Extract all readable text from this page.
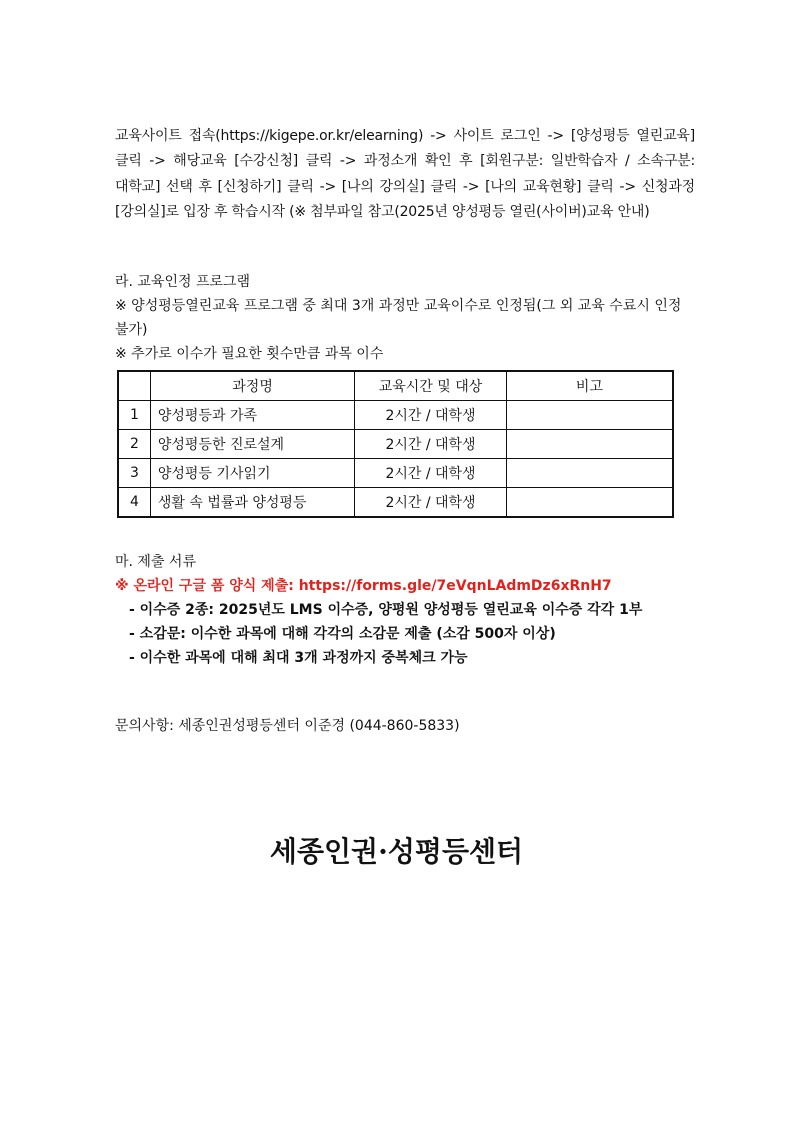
교육사이트 접속(https://kigepe.or.kr/elearning) -> 사이트 로그인 -> [양성평등 열린교육] 클릭 -> 해당교육 [수강신청] 클릭 -> 과정소개 확인 후 [회원구분: 일반학습자 / 소속구분: 대학교] 선택 후 [신청하기] 클릭 -> [나의 강의실] 클릭 -> [나의 교육현황] 클릭 -> 신청과정 [강의실]로 입장 후 학습시작 (※ 첨부파일 참고(2025년 양성평등 열린(사이버)교육 안내)
라. 교육인정 프로그램
※ 양성평등열린교육 프로그램 중 최대 3개 과정만 교육이수로 인정됨(그 외 교육 수료시 인정 불가)
※ 추가로 이수가 필요한 횟수만큼 과목 이수
	과정명	교육시간 및 대상	비고
1	양성평등과 가족	2시간 / 대학생	
2	양성평등한 진로설계	2시간 / 대학생	
3	양성평등 기사읽기	2시간 / 대학생	
4	생활 속 법률과 양성평등	2시간 / 대학생	
마. 제출 서류
※ 온라인 구글 폼 양식 제출: https://forms.gle/7eVqnLAdmDz6xRnH7
- 이수증 2종: 2025년도 LMS 이수증, 양평원 양성평등 열린교육 이수증 각각 1부
- 소감문: 이수한 과목에 대해 각각의 소감문 제출 (소감 500자 이상)
- 이수한 과목에 대해 최대 3개 과정까지 중복체크 가능
문의사항: 세종인권성평등센터 이준경 (044-860-5833)
세종인권·성평등센터
